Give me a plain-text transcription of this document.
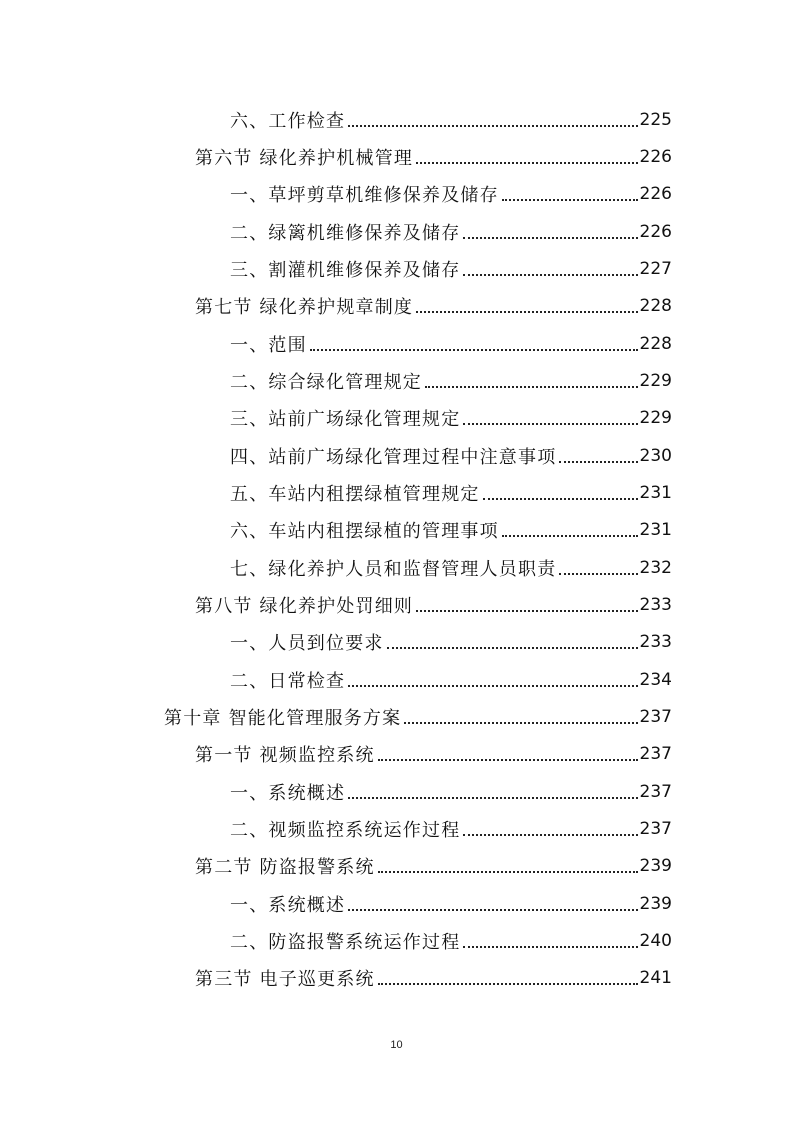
六、工作检查	225
第六节 绿化养护机械管理	226
一、草坪剪草机维修保养及储存	226
二、绿篱机维修保养及储存	226
三、割灌机维修保养及储存	227
第七节 绿化养护规章制度	228
一、范围	228
二、综合绿化管理规定	229
三、站前广场绿化管理规定	229
四、站前广场绿化管理过程中注意事项	230
五、车站内租摆绿植管理规定	231
六、车站内租摆绿植的管理事项	231
七、绿化养护人员和监督管理人员职责	232
第八节 绿化养护处罚细则	233
一、人员到位要求	233
二、日常检查	234
第十章 智能化管理服务方案	237
第一节 视频监控系统	237
一、系统概述	237
二、视频监控系统运作过程	237
第二节 防盗报警系统	239
一、系统概述	239
二、防盗报警系统运作过程	240
第三节 电子巡更系统	241
10
